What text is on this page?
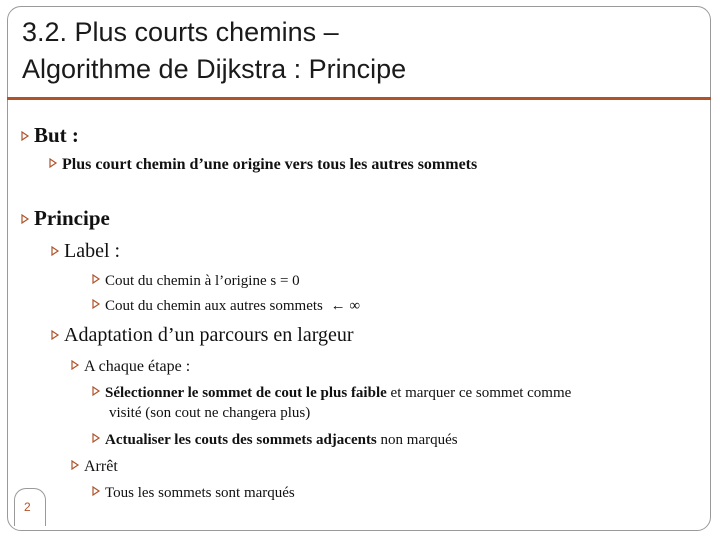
3.2. Plus courts chemins –
Algorithme de Dijkstra : Principe
But :
Plus court chemin d’une origine vers tous les autres sommets
Principe
Label :
Cout du chemin à l’origine s = 0
Cout du chemin aux autres sommets ← ∞
Adaptation d’un parcours en largeur
A chaque étape :
Sélectionner le sommet de cout le plus faible et marquer ce sommet comme
visité (son cout ne changera plus)
Actualiser les couts des sommets adjacents non marqués
Arrêt
Tous les sommets sont marqués
2
